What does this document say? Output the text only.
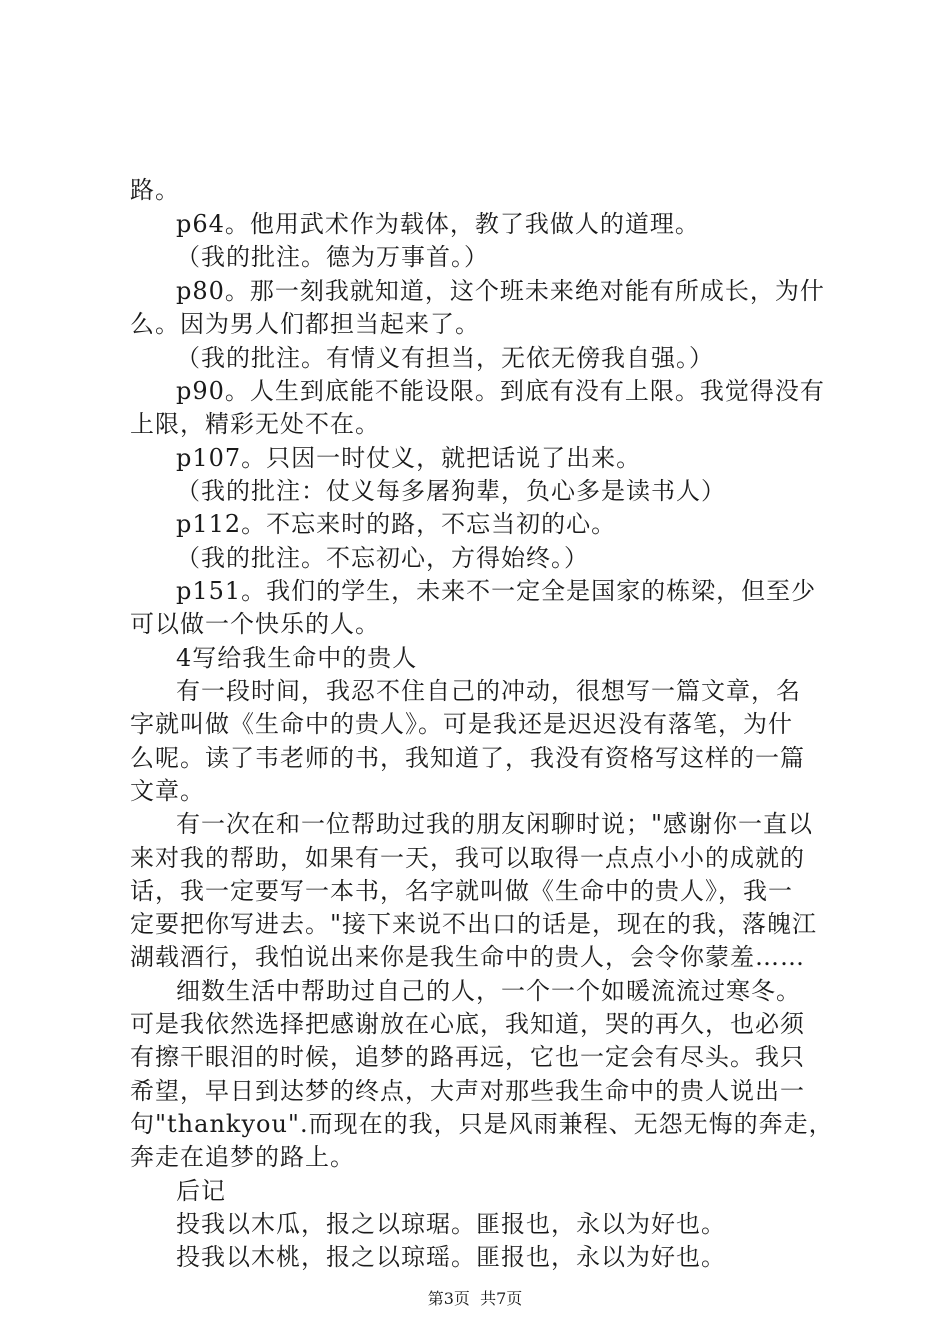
路。
p64。他用武术作为载体，教了我做人的道理。
（我的批注。德为万事首。）
p80。那一刻我就知道，这个班未来绝对能有所成长，为什
么。因为男人们都担当起来了。
（我的批注。有情义有担当，无依无傍我自强。）
p90。人生到底能不能设限。到底有没有上限。我觉得没有
上限，精彩无处不在。
p107。只因一时仗义，就把话说了出来。
（我的批注：仗义每多屠狗辈，负心多是读书人）
p112。不忘来时的路，不忘当初的心。
（我的批注。不忘初心，方得始终。）
p151。我们的学生，未来不一定全是国家的栋梁，但至少
可以做一个快乐的人。
4写给我生命中的贵人
有一段时间，我忍不住自己的冲动，很想写一篇文章，名
字就叫做《生命中的贵人》。可是我还是迟迟没有落笔，为什
么呢。读了韦老师的书，我知道了，我没有资格写这样的一篇
文章。
有一次在和一位帮助过我的朋友闲聊时说；"感谢你一直以
来对我的帮助，如果有一天，我可以取得一点点小小的成就的
话，我一定要写一本书，名字就叫做《生命中的贵人》，我一
定要把你写进去。"接下来说不出口的话是，现在的我，落魄江
湖载酒行，我怕说出来你是我生命中的贵人，会令你蒙羞……
细数生活中帮助过自己的人，一个一个如暖流流过寒冬。
可是我依然选择把感谢放在心底，我知道，哭的再久，也必须
有擦干眼泪的时候，追梦的路再远，它也一定会有尽头。我只
希望，早日到达梦的终点，大声对那些我生命中的贵人说出一
句"thankyou".而现在的我，只是风雨兼程、无怨无悔的奔走，
奔走在追梦的路上。
后记
投我以木瓜，报之以琼琚。匪报也，永以为好也。
投我以木桃，报之以琼瑶。匪报也，永以为好也。
第3页  共7页
